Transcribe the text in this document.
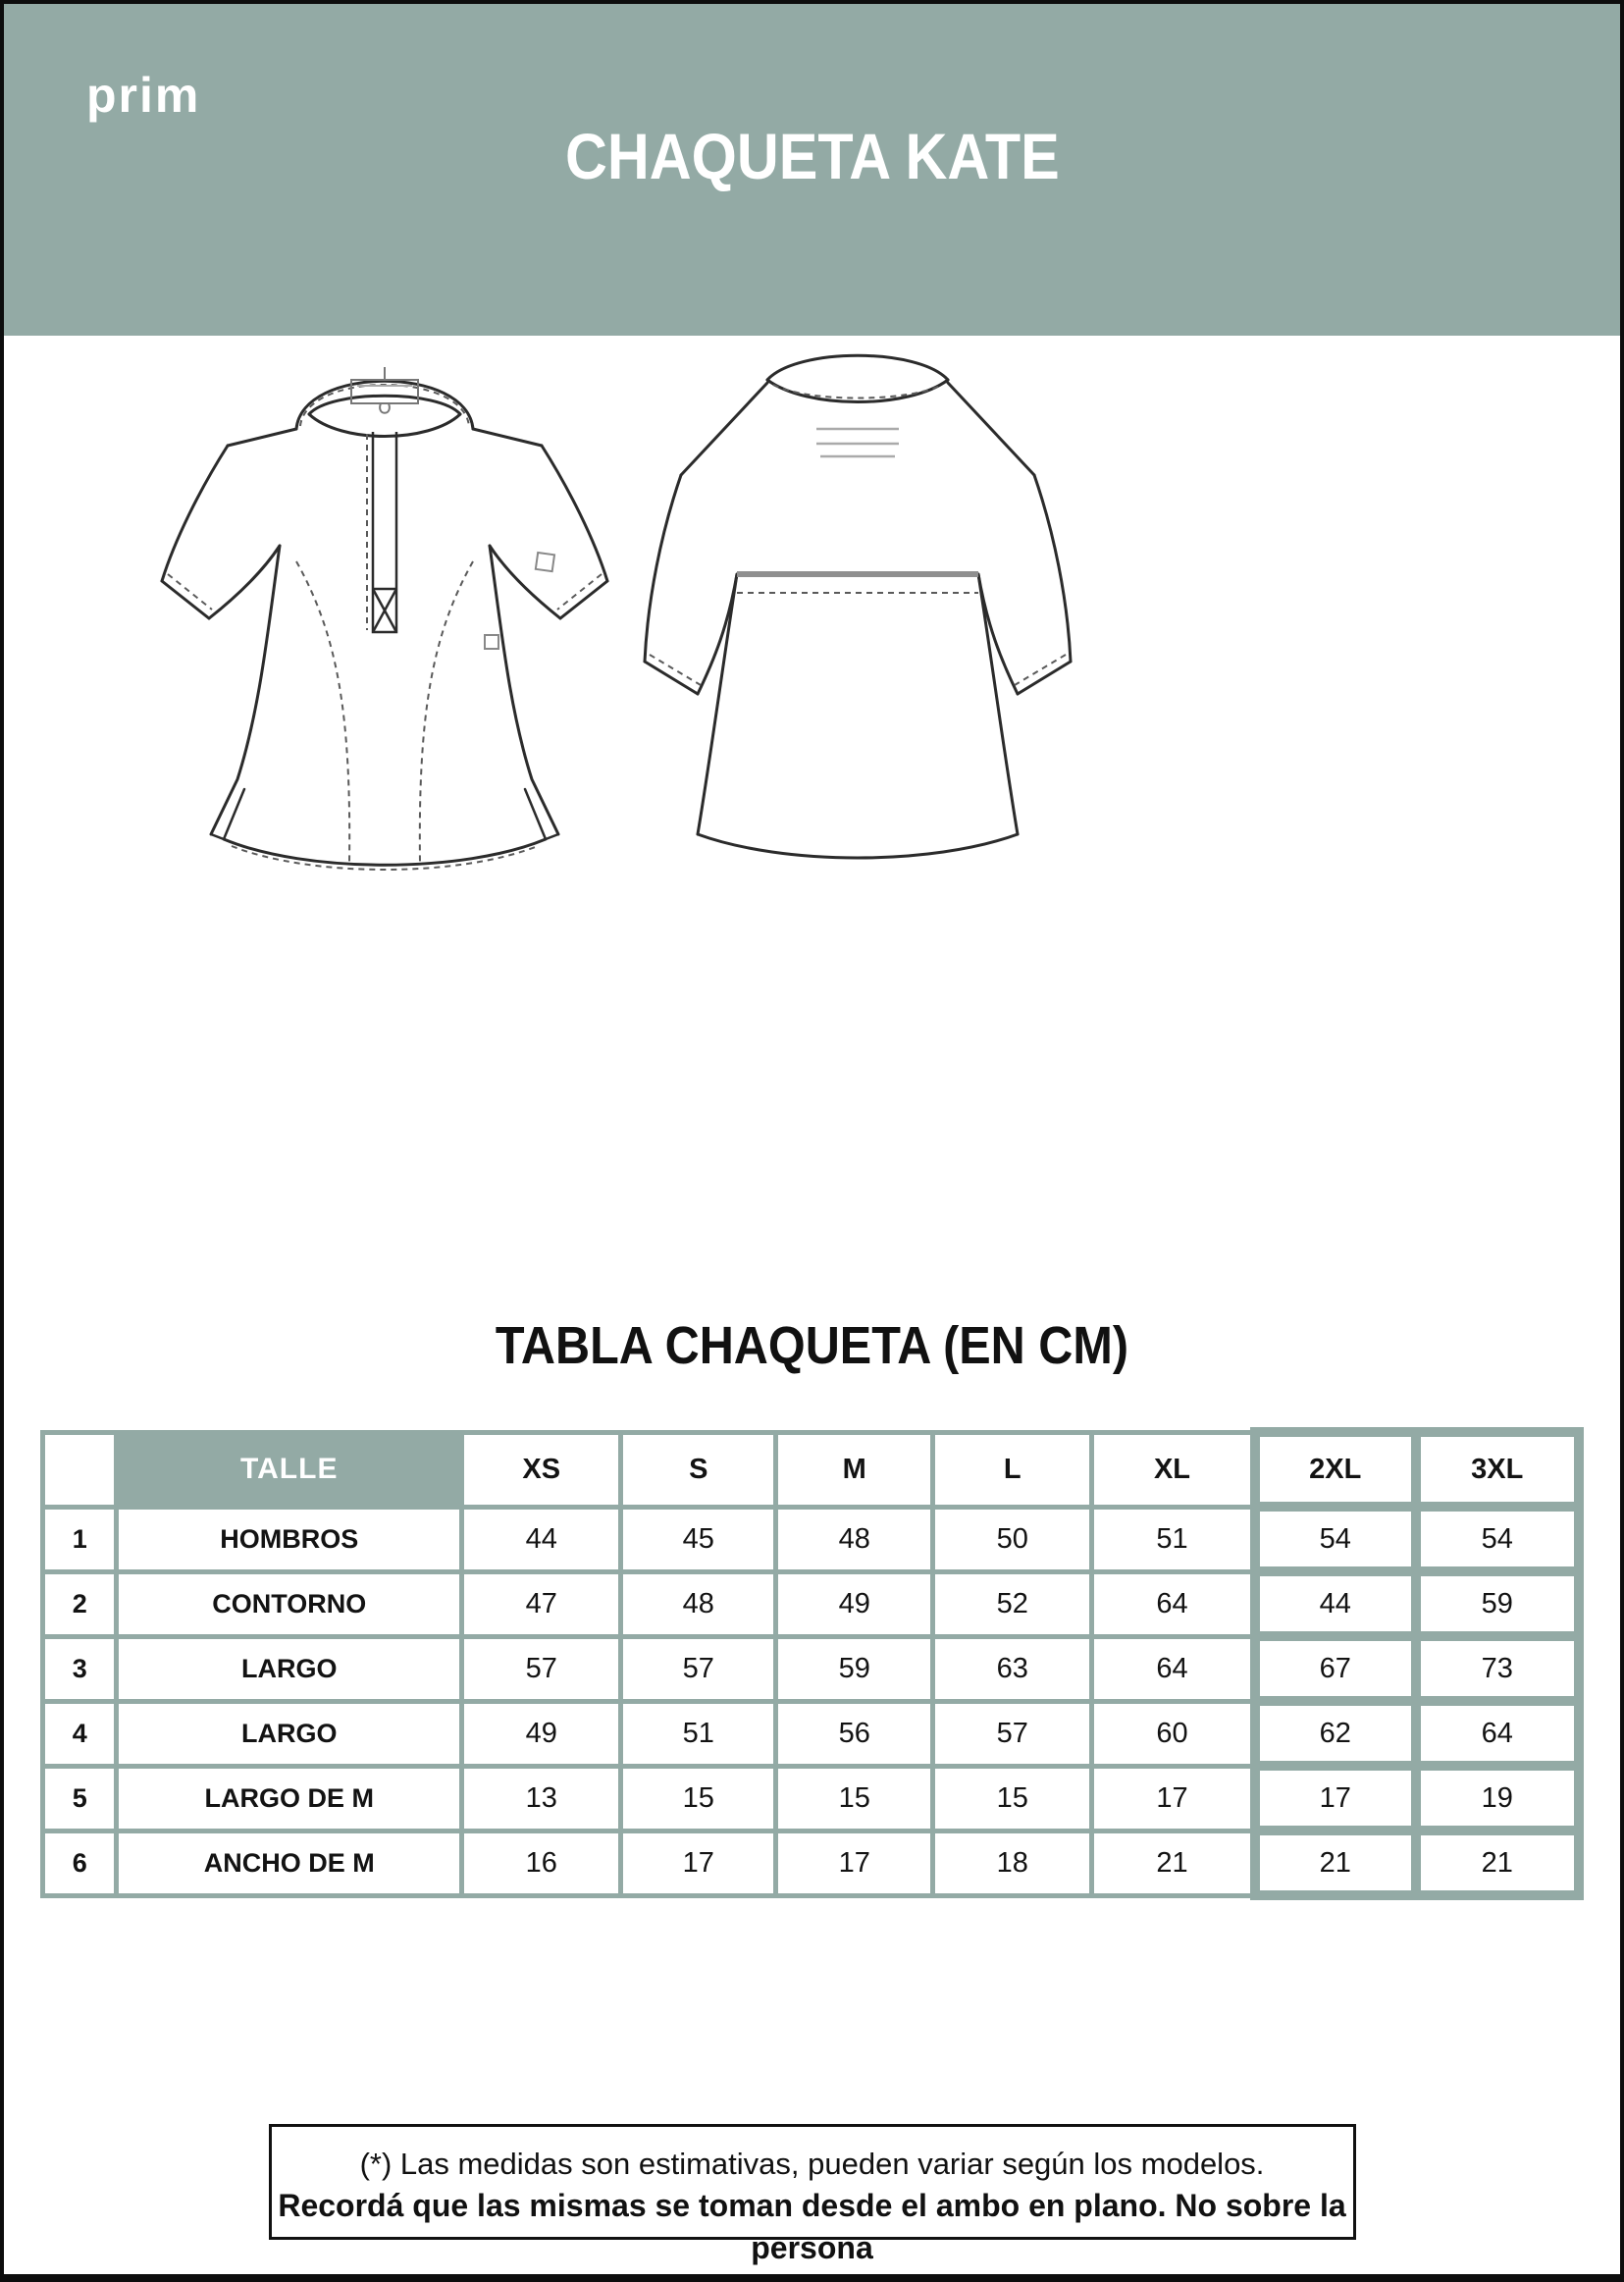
prim
CHAQUETA KATE
TABLA CHAQUETA (EN CM)
	TALLE	XS	S	M	L	XL	2XL	3XL
1	HOMBROS	44	45	48	50	51	54	54
2	CONTORNO	47	48	49	52	64	44	59
3	LARGO	57	57	59	63	64	67	73
4	LARGO	49	51	56	57	60	62	64
5	LARGO DE M	13	15	15	15	17	17	19
6	ANCHO DE M	16	17	17	18	21	21	21

(*) Las medidas son estimativas, pueden variar según los modelos.

Recordá que las mismas se toman desde el ambo en plano. No sobre la persona
